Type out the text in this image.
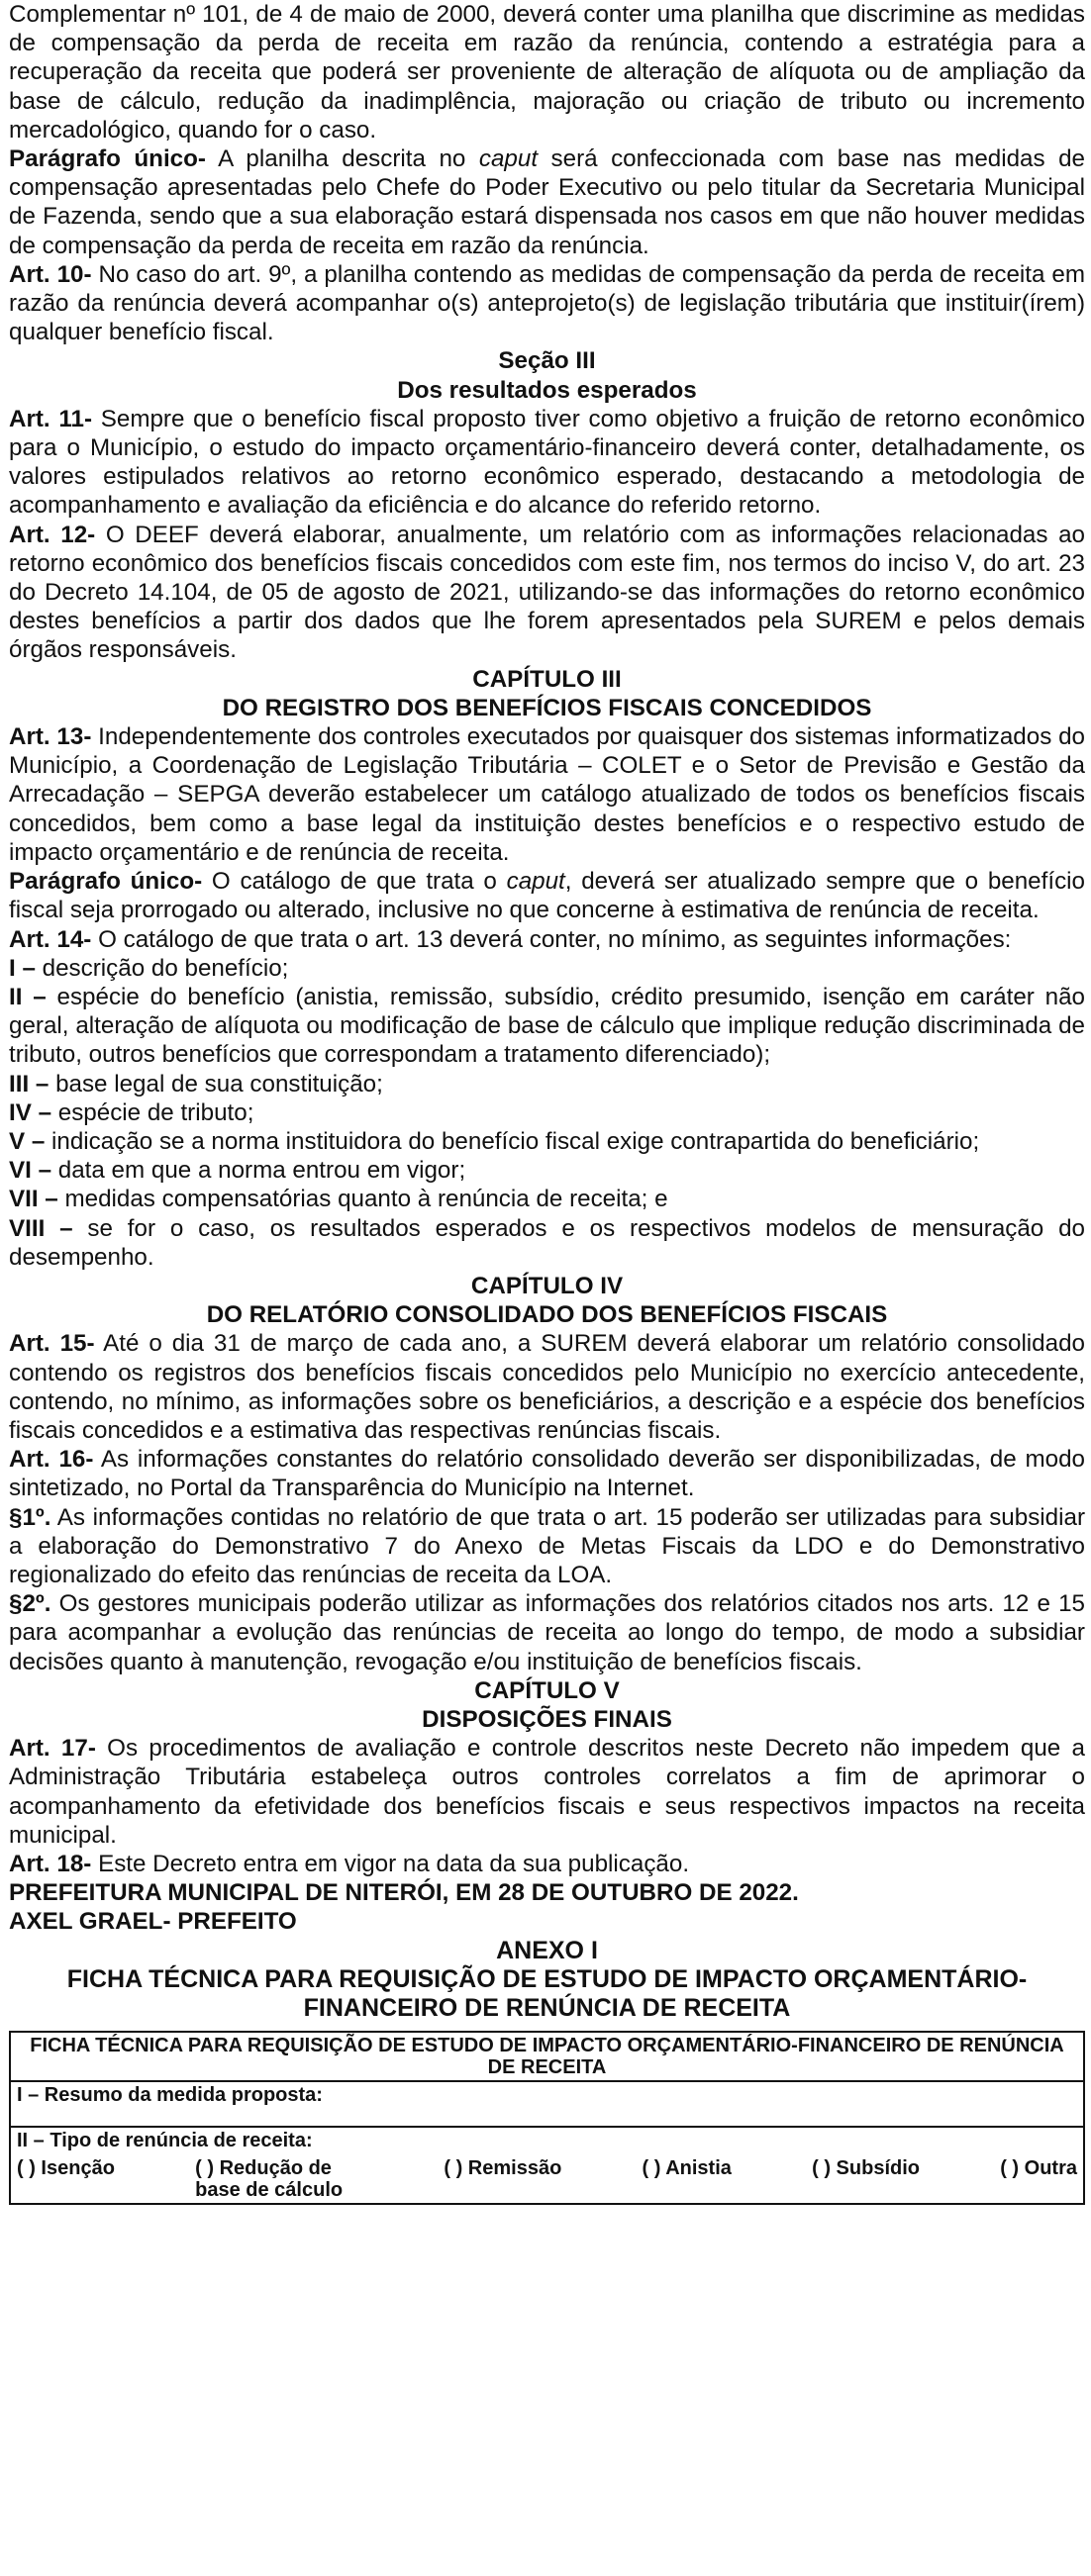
Complementar nº 101, de 4 de maio de 2000, deverá conter uma planilha que discrimine as medidas de compensação da perda de receita em razão da renúncia, contendo a estratégia para a recuperação da receita que poderá ser proveniente de alteração de alíquota ou de ampliação da base de cálculo, redução da inadimplência, majoração ou criação de tributo ou incremento mercadológico, quando for o caso.

Parágrafo único- A planilha descrita no caput será confeccionada com base nas medidas de compensação apresentadas pelo Chefe do Poder Executivo ou pelo titular da Secretaria Municipal de Fazenda, sendo que a sua elaboração estará dispensada nos casos em que não houver medidas de compensação da perda de receita em razão da renúncia.

Art. 10- No caso do art. 9º, a planilha contendo as medidas de compensação da perda de receita em razão da renúncia deverá acompanhar o(s) anteprojeto(s) de legislação tributária que instituir(írem) qualquer benefício fiscal.

Seção III

Dos resultados esperados

Art. 11- Sempre que o benefício fiscal proposto tiver como objetivo a fruição de retorno econômico para o Município, o estudo do impacto orçamentário-financeiro deverá conter, detalhadamente, os valores estipulados relativos ao retorno econômico esperado, destacando a metodologia de acompanhamento e avaliação da eficiência e do alcance do referido retorno.

Art. 12- O DEEF deverá elaborar, anualmente, um relatório com as informações relacionadas ao retorno econômico dos benefícios fiscais concedidos com este fim, nos termos do inciso V, do art. 23 do Decreto 14.104, de 05 de agosto de 2021, utilizando-se das informações do retorno econômico destes benefícios a partir dos dados que lhe forem apresentados pela SUREM e pelos demais órgãos responsáveis.

CAPÍTULO III

DO REGISTRO DOS BENEFÍCIOS FISCAIS CONCEDIDOS

Art. 13- Independentemente dos controles executados por quaisquer dos sistemas informatizados do Município, a Coordenação de Legislação Tributária – COLET e o Setor de Previsão e Gestão da Arrecadação – SEPGA deverão estabelecer um catálogo atualizado de todos os benefícios fiscais concedidos, bem como a base legal da instituição destes benefícios e o respectivo estudo de impacto orçamentário e de renúncia de receita.

Parágrafo único- O catálogo de que trata o caput, deverá ser atualizado sempre que o benefício fiscal seja prorrogado ou alterado, inclusive no que concerne à estimativa de renúncia de receita.

Art. 14- O catálogo de que trata o art. 13 deverá conter, no mínimo, as seguintes informações:

I – descrição do benefício;

II – espécie do benefício (anistia, remissão, subsídio, crédito presumido, isenção em caráter não geral, alteração de alíquota ou modificação de base de cálculo que implique redução discriminada de tributo, outros benefícios que correspondam a tratamento diferenciado);

III – base legal de sua constituição;

IV – espécie de tributo;

V – indicação se a norma instituidora do benefício fiscal exige contrapartida do beneficiário;

VI – data em que a norma entrou em vigor;

VII – medidas compensatórias quanto à renúncia de receita; e

VIII – se for o caso, os resultados esperados e os respectivos modelos de mensuração do desempenho.

CAPÍTULO IV

DO RELATÓRIO CONSOLIDADO DOS BENEFÍCIOS FISCAIS

Art. 15- Até o dia 31 de março de cada ano, a SUREM deverá elaborar um relatório consolidado contendo os registros dos benefícios fiscais concedidos pelo Município no exercício antecedente, contendo, no mínimo, as informações sobre os beneficiários, a descrição e a espécie dos benefícios fiscais concedidos e a estimativa das respectivas renúncias fiscais.

Art. 16- As informações constantes do relatório consolidado deverão ser disponibilizadas, de modo sintetizado, no Portal da Transparência do Município na Internet.

§1º. As informações contidas no relatório de que trata o art. 15 poderão ser utilizadas para subsidiar a elaboração do Demonstrativo 7 do Anexo de Metas Fiscais da LDO e do Demonstrativo regionalizado do efeito das renúncias de receita da LOA.

§2º. Os gestores municipais poderão utilizar as informações dos relatórios citados nos arts. 12 e 15 para acompanhar a evolução das renúncias de receita ao longo do tempo, de modo a subsidiar decisões quanto à manutenção, revogação e/ou instituição de benefícios fiscais.

CAPÍTULO V

DISPOSIÇÕES FINAIS

Art. 17- Os procedimentos de avaliação e controle descritos neste Decreto não impedem que a Administração Tributária estabeleça outros controles correlatos a fim de aprimorar o acompanhamento da efetividade dos benefícios fiscais e seus respectivos impactos na receita municipal.

Art. 18- Este Decreto entra em vigor na data da sua publicação.

PREFEITURA MUNICIPAL DE NITERÓI, EM 28 DE OUTUBRO DE 2022.

AXEL GRAEL- PREFEITO

ANEXO I

FICHA TÉCNICA PARA REQUISIÇÃO DE ESTUDO DE IMPACTO ORÇAMENTÁRIO-FINANCEIRO DE RENÚNCIA DE RECEITA

FICHA TÉCNICA PARA REQUISIÇÃO DE ESTUDO DE IMPACTO ORÇAMENTÁRIO-FINANCEIRO DE RENÚNCIA DE RECEITA
I – Resumo da medida proposta:

II – Tipo de renúncia de receita:
( ) Isenção	( ) Redução de base de cálculo
( ) Remissão	( ) Anistia	( ) Subsídio	( ) Outra
